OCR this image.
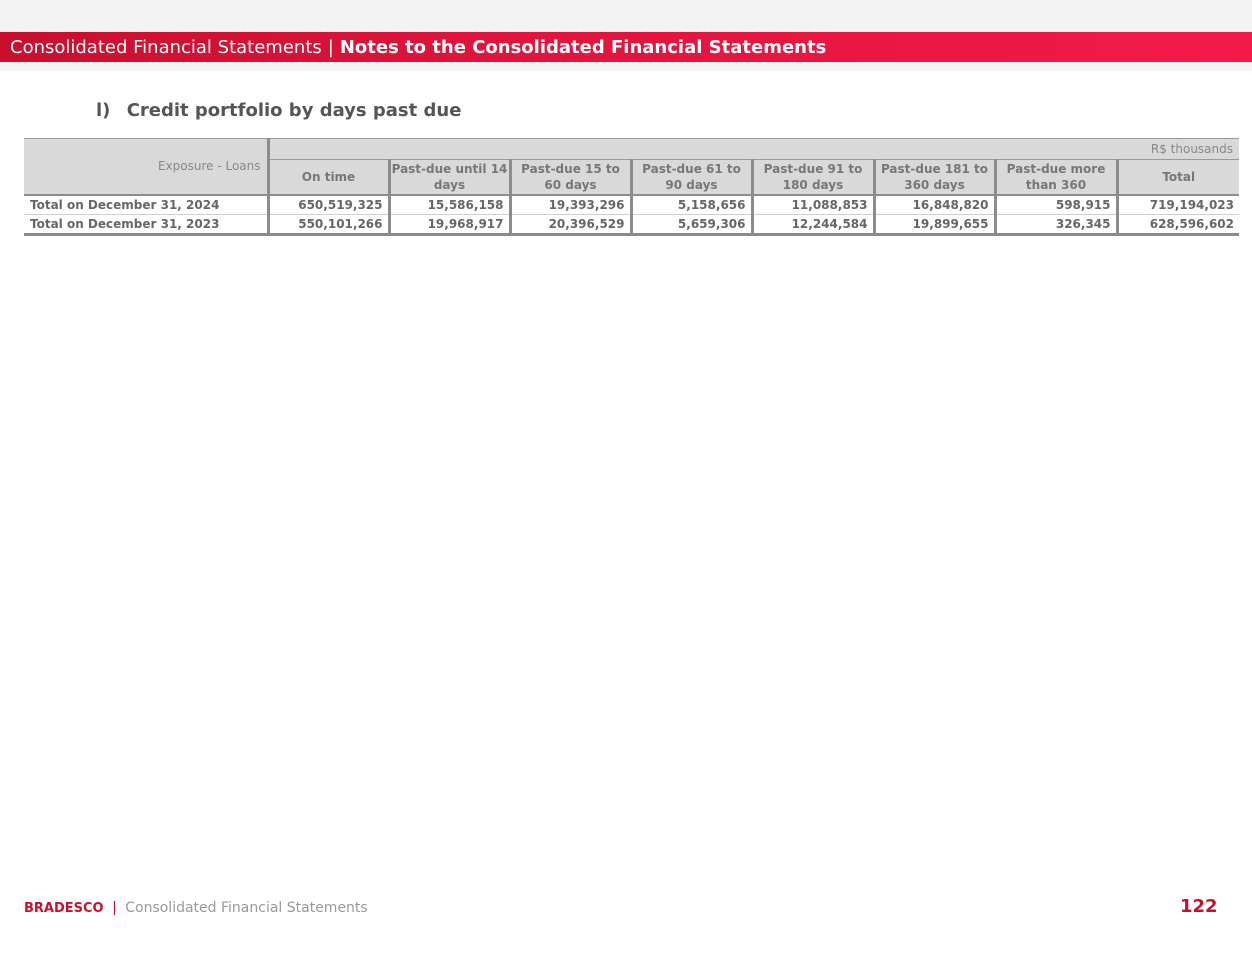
Consolidated Financial Statements | Notes to the Consolidated Financial Statements
l) Credit portfolio by days past due
Exposure - Loans	R$ thousands							
	On time	Past-due until 14 days	Past-due 15 to 60 days	Past-due 61 to 90 days	Past-due 91 to 180 days	Past-due 181 to 360 days	Past-due more than 360	Total
Total on December 31, 2024	650,519,325	15,586,158	19,393,296	5,158,656	11,088,853	16,848,820	598,915	719,194,023
Total on December 31, 2023	550,101,266	19,968,917	20,396,529	5,659,306	12,244,584	19,899,655	326,345	628,596,602
BRADESCO | Consolidated Financial Statements	122
